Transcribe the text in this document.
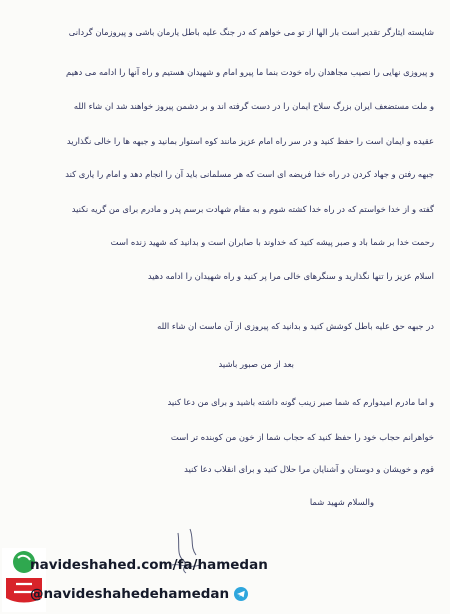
شايسته ايثارگر تقدير است بار الها از تو مى خواهم كه در جنگ عليه باطل يارمان باشى و پيروزمان گردانى
و پيروزى نهايى را نصيب مجاهدان راه خودت بنما ما پيرو امام و شهيدان هستيم و راه آنها را ادامه مى دهيم
و ملت مستضعف ايران بزرگ سلاح ايمان را در دست گرفته اند و بر دشمن پيروز خواهند شد ان شاء الله
عقيده و ايمان است را حفظ كنيد و در سر راه امام عزيز مانند كوه استوار بمانيد و جبهه ها را خالى نگذاريد
جبهه رفتن و جهاد كردن در راه خدا فريضه اى است كه هر مسلمانى بايد آن را انجام دهد و امام را يارى كند
گفته و از خدا خواستم كه در راه خدا كشته شوم و به مقام شهادت برسم پدر و مادرم براى من گريه نكنيد
رحمت خدا بر شما باد و صبر پيشه كنيد كه خداوند با صابران است و بدانيد كه شهيد زنده است
اسلام عزيز را تنها نگذاريد و سنگرهاى خالى مرا پر كنيد و راه شهيدان را ادامه دهيد
در جبهه حق عليه باطل كوشش كنيد و بدانيد كه پيروزى از آن ماست ان شاء الله
بعد از من صبور باشيد
و اما مادرم اميدوارم كه شما صبر زينب گونه داشته باشيد و براى من دعا كنيد
خواهرانم حجاب خود را حفظ كنيد كه حجاب شما از خون من كوبنده تر است
قوم و خويشان و دوستان و آشنايان مرا حلال كنيد و براى انقلاب دعا كنيد
والسلام شهيد شما
navideshahed.com/fa/hamedan
@navideshahedehamedan
